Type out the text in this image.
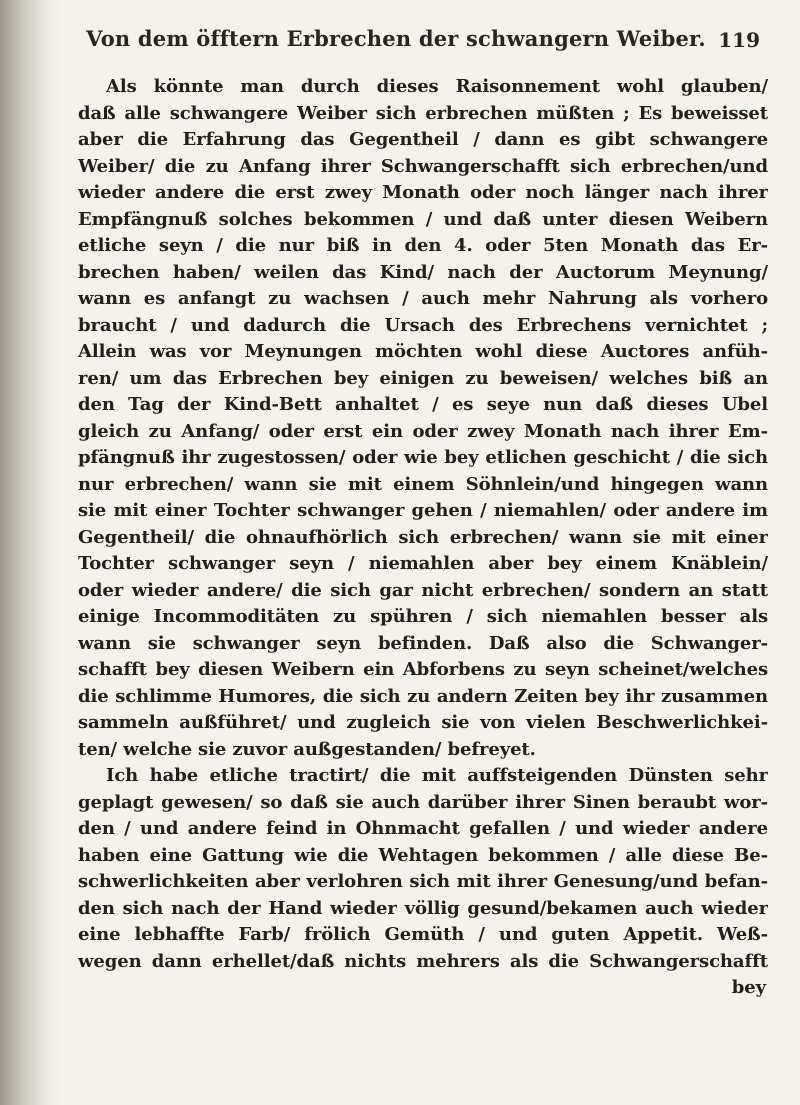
Von dem öfftern Erbrechen der schwangern Weiber. 119
Als könnte man durch dieses Raisonnement wohl glauben/
daß alle schwangere Weiber sich erbrechen müßten ; Es beweisset
aber die Erfahrung das Gegentheil / dann es gibt schwangere
Weiber/ die zu Anfang ihrer Schwangerschafft sich erbrechen/und
wieder andere die erst zwey Monath oder noch länger nach ihrer
Empfängnuß solches bekommen / und daß unter diesen Weibern
etliche seyn / die nur biß in den 4. oder 5ten Monath das Er-
brechen haben/ weilen das Kind/ nach der Auctorum Meynung/
wann es anfangt zu wachsen / auch mehr Nahrung als vorhero
braucht / und dadurch die Ursach des Erbrechens vernichtet ;
Allein was vor Meynungen möchten wohl diese Auctores anfüh-
ren/ um das Erbrechen bey einigen zu beweisen/ welches biß an
den Tag der Kind-Bett anhaltet / es seye nun daß dieses Ubel
gleich zu Anfang/ oder erst ein oder zwey Monath nach ihrer Em-
pfängnuß ihr zugestossen/ oder wie bey etlichen geschicht / die sich
nur erbrechen/ wann sie mit einem Söhnlein/und hingegen wann
sie mit einer Tochter schwanger gehen / niemahlen/ oder andere im
Gegentheil/ die ohnaufhörlich sich erbrechen/ wann sie mit einer
Tochter schwanger seyn / niemahlen aber bey einem Knäblein/
oder wieder andere/ die sich gar nicht erbrechen/ sondern an statt
einige Incommoditäten zu spühren / sich niemahlen besser als
wann sie schwanger seyn befinden. Daß also die Schwanger-
schafft bey diesen Weibern ein Abforbens zu seyn scheinet/welches
die schlimme Humores, die sich zu andern Zeiten bey ihr zusammen
sammeln außführet/ und zugleich sie von vielen Beschwerlichkei-
ten/ welche sie zuvor außgestanden/ befreyet.
Ich habe etliche tractirt/ die mit auffsteigenden Dünsten sehr
geplagt gewesen/ so daß sie auch darüber ihrer Sinen beraubt wor-
den / und andere feind in Ohnmacht gefallen / und wieder andere
haben eine Gattung wie die Wehtagen bekommen / alle diese Be-
schwerlichkeiten aber verlohren sich mit ihrer Genesung/und befan-
den sich nach der Hand wieder völlig gesund/bekamen auch wieder
eine lebhaffte Farb/ frölich Gemüth / und guten Appetit. Weß-
wegen dann erhellet/daß nichts mehrers als die Schwangerschafft
bey
